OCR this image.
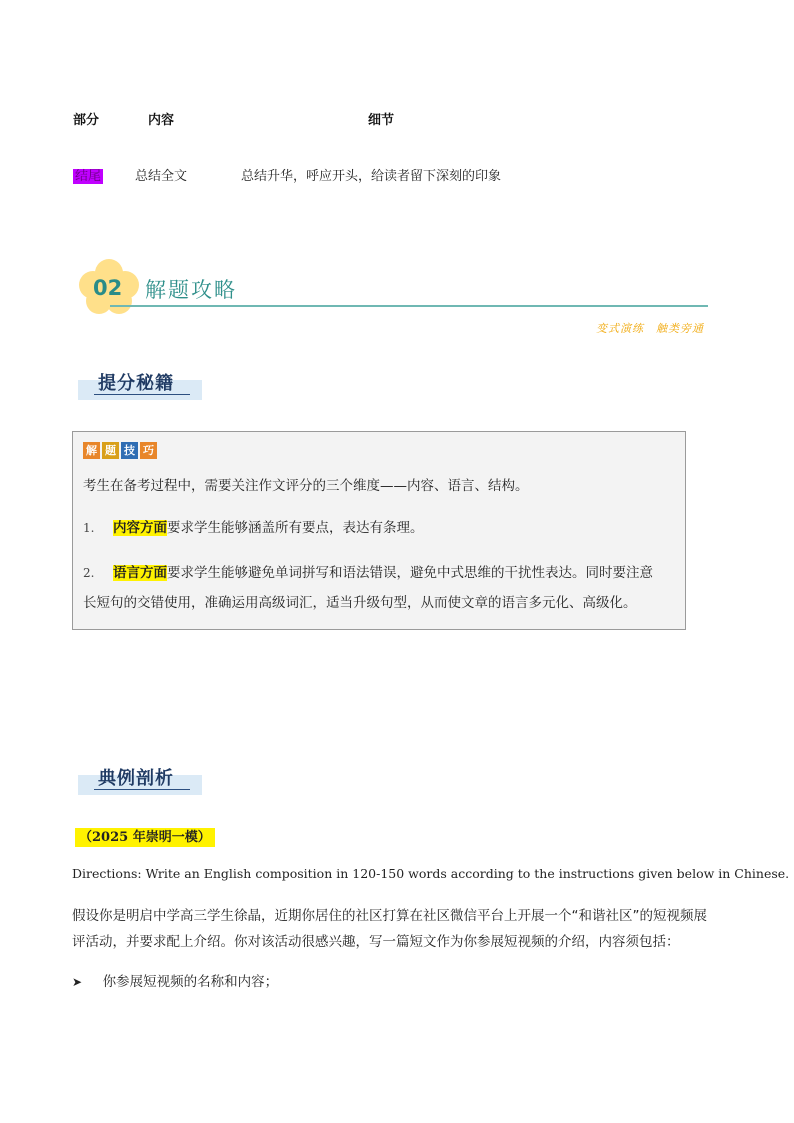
部分	内容	细节
结尾	总结全文	总结升华，呼应开头，给读者留下深刻的印象
02 解题攻略
变式演练　触类旁通
提分秘籍
解 题 技 巧
考生在备考过程中，需要关注作文评分的三个维度——内容、语言、结构。
1. 内容方面要求学生能够涵盖所有要点，表达有条理。
2. 语言方面要求学生能够避免单词拼写和语法错误，避免中式思维的干扰性表达。同时要注意
长短句的交错使用，准确运用高级词汇，适当升级句型，从而使文章的语言多元化、高级化。
典例剖析
（2025 年崇明一模）
Directions: Write an English composition in 120-150 words according to the instructions given below in Chinese.
假设你是明启中学高三学生徐晶，近期你居住的社区打算在社区微信平台上开展一个“和谐社区”的短视频展
评活动，并要求配上介绍。你对该活动很感兴趣，写一篇短文作为你参展短视频的介绍，内容须包括：
➤ 你参展短视频的名称和内容；
